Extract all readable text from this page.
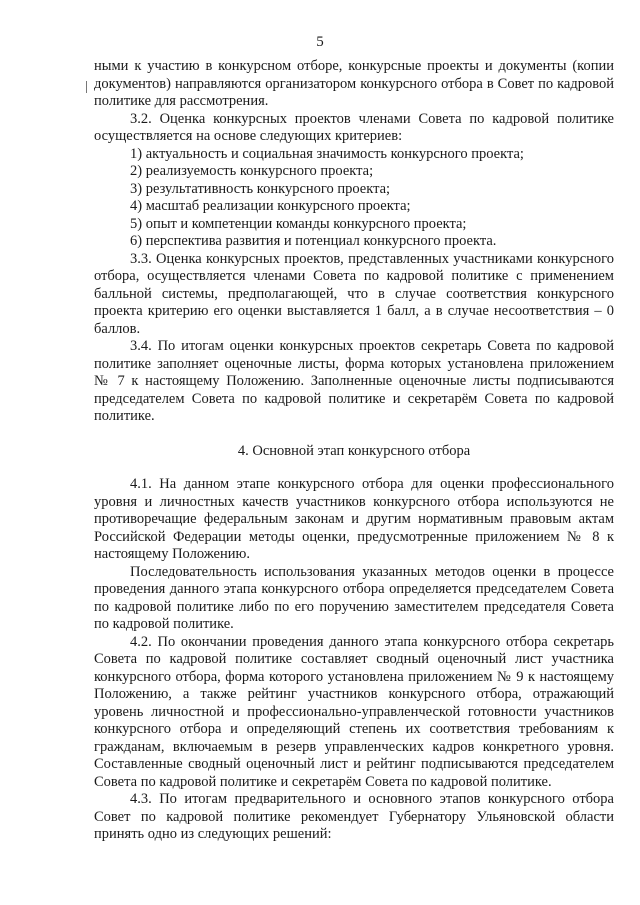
5

ными к участию в конкурсном отборе, конкурсные проекты и документы (копии документов) направляются организатором конкурсного отбора в Совет по кадровой политике для рассмотрения.

3.2. Оценка конкурсных проектов членами Совета по кадровой политике осуществляется на основе следующих критериев:

1) актуальность и социальная значимость конкурсного проекта;

2) реализуемость конкурсного проекта;

3) результативность конкурсного проекта;

4) масштаб реализации конкурсного проекта;

5) опыт и компетенции команды конкурсного проекта;

6) перспектива развития и потенциал конкурсного проекта.

3.3. Оценка конкурсных проектов, представленных участниками конкурсного отбора, осуществляется членами Совета по кадровой политике с применением балльной системы, предполагающей, что в случае соответствия конкурсного проекта критерию его оценки выставляется 1 балл, а в случае несоответствия – 0 баллов.

3.4. По итогам оценки конкурсных проектов секретарь Совета по кадровой политике заполняет оценочные листы, форма которых установлена приложением № 7 к настоящему Положению. Заполненные оценочные листы подписываются председателем Совета по кадровой политике и секретарём Совета по кадровой политике.

4. Основной этап конкурсного отбора

4.1. На данном этапе конкурсного отбора для оценки профессионального уровня и личностных качеств участников конкурсного отбора используются не противоречащие федеральным законам и другим нормативным правовым актам Российской Федерации методы оценки, предусмотренные приложением № 8 к настоящему Положению.

Последовательность использования указанных методов оценки в процессе проведения данного этапа конкурсного отбора определяется председателем Совета по кадровой политике либо по его поручению заместителем председателя Совета по кадровой политике.

4.2. По окончании проведения данного этапа конкурсного отбора секретарь Совета по кадровой политике составляет сводный оценочный лист участника конкурсного отбора, форма которого установлена приложением № 9 к настоящему Положению, а также рейтинг участников конкурсного отбора, отражающий уровень личностной и профессионально-управленческой готовности участников конкурсного отбора и определяющий степень их соответствия требованиям к гражданам, включаемым в резерв управленческих кадров конкретного уровня. Составленные сводный оценочный лист и рейтинг подписываются председателем Совета по кадровой политике и секретарём Совета по кадровой политике.

4.3. По итогам предварительного и основного этапов конкурсного отбора Совет по кадровой политике рекомендует Губернатору Ульяновской области принять одно из следующих решений:
